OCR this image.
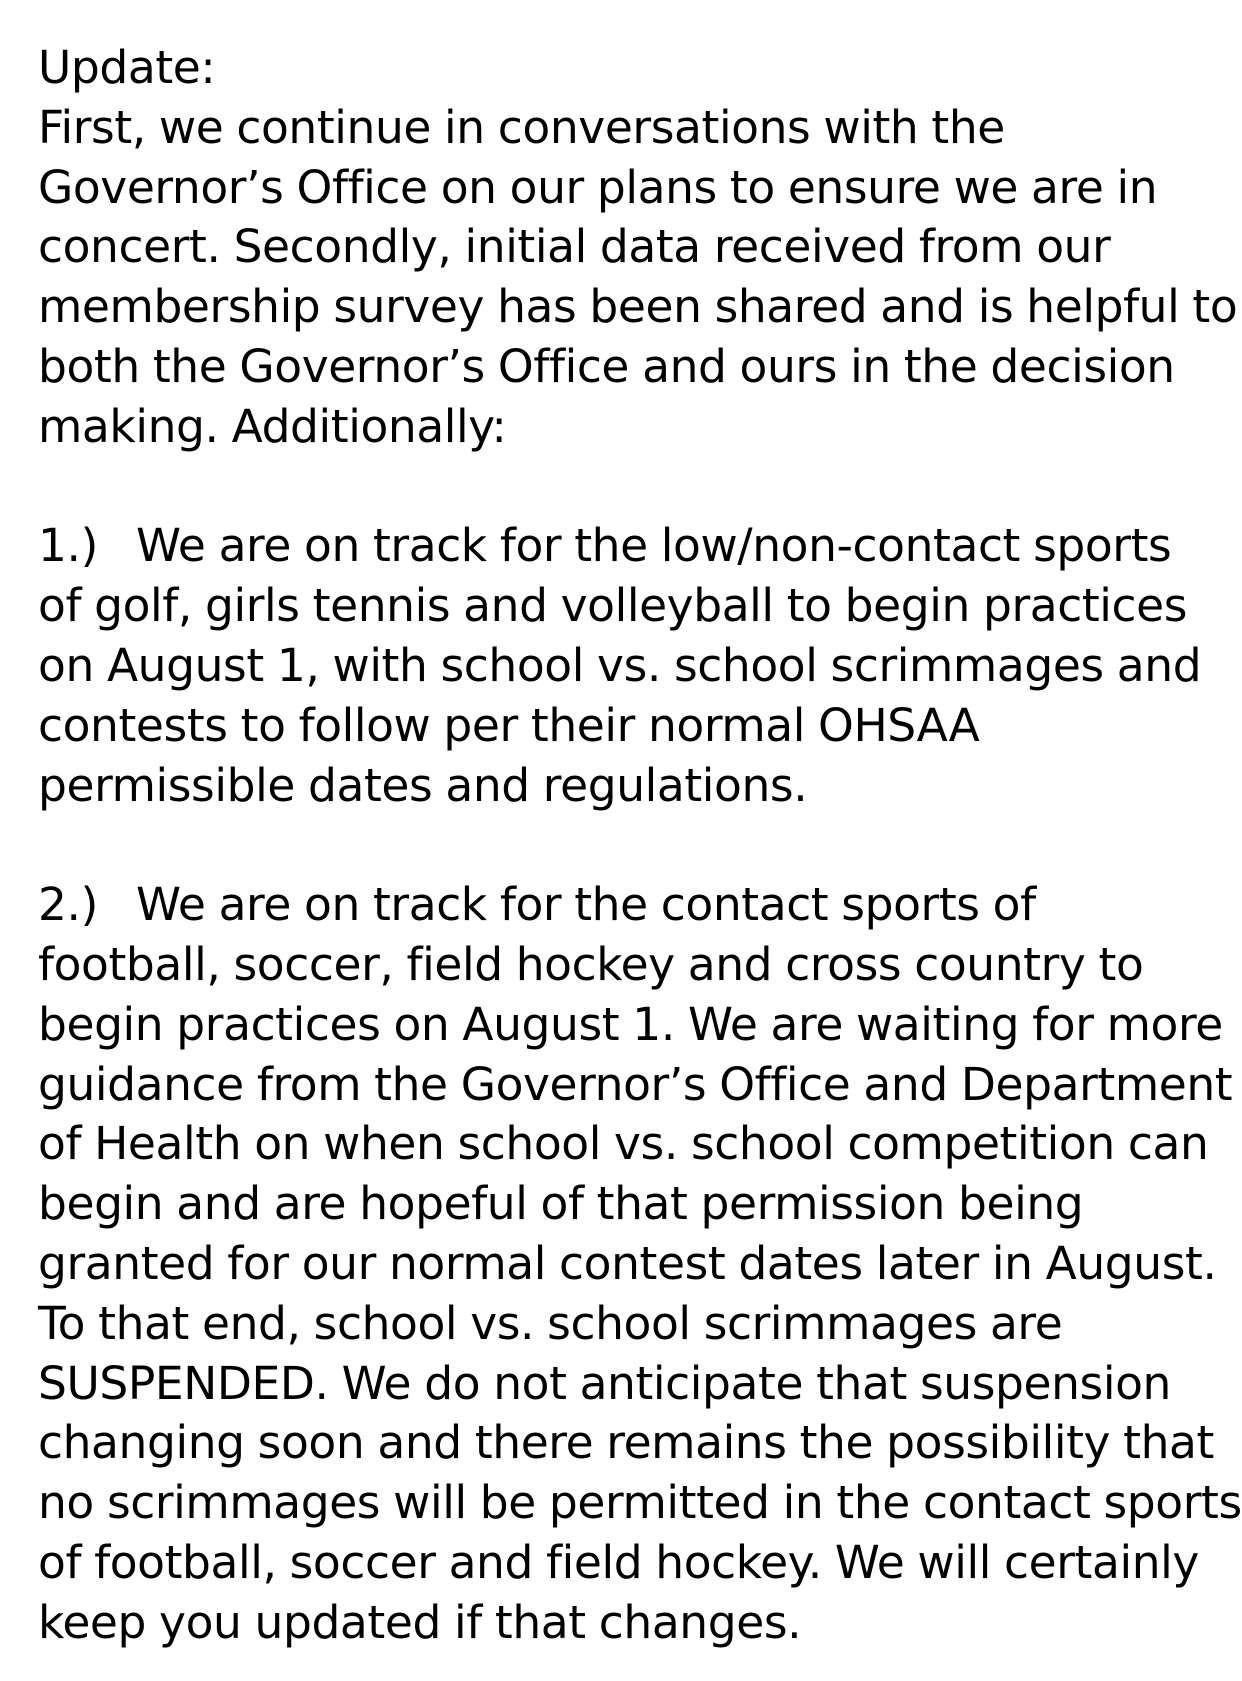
Update:
First, we continue in conversations with the
Governor’s Office on our plans to ensure we are in
concert. Secondly, initial data received from our
membership survey has been shared and is helpful to
both the Governor’s Office and ours in the decision
making. Additionally:
1.) We are on track for the low/non-contact sports
of golf, girls tennis and volleyball to begin practices
on August 1, with school vs. school scrimmages and
contests to follow per their normal OHSAA
permissible dates and regulations.
2.) We are on track for the contact sports of
football, soccer, field hockey and cross country to
begin practices on August 1. We are waiting for more
guidance from the Governor’s Office and Department
of Health on when school vs. school competition can
begin and are hopeful of that permission being
granted for our normal contest dates later in August.
To that end, school vs. school scrimmages are
SUSPENDED. We do not anticipate that suspension
changing soon and there remains the possibility that
no scrimmages will be permitted in the contact sports
of football, soccer and field hockey. We will certainly
keep you updated if that changes.
